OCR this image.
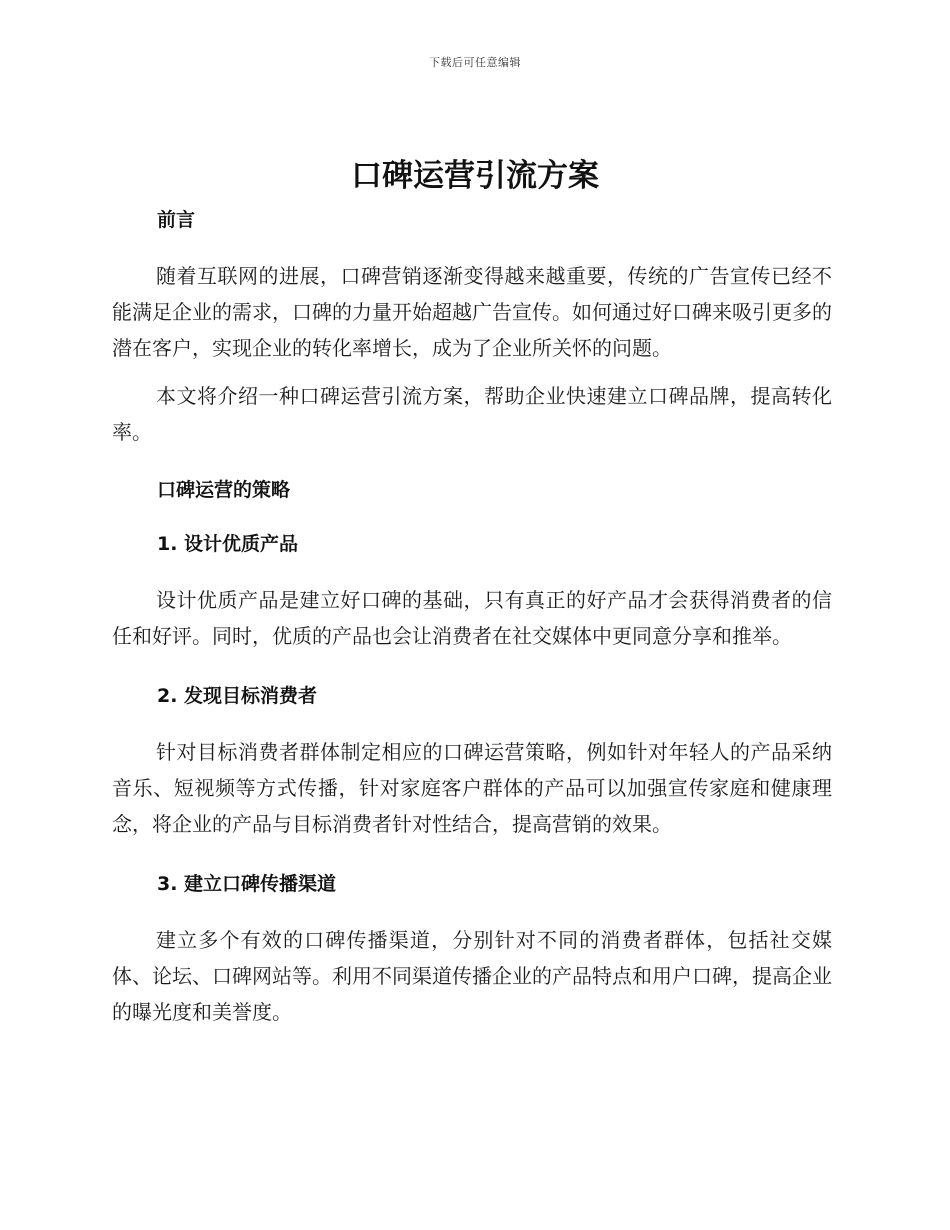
下载后可任意编辑
口碑运营引流方案

前言

随着互联网的进展，口碑营销逐渐变得越来越重要，传统的广告宣传已经不能满足企业的需求，口碑的力量开始超越广告宣传。如何通过好口碑来吸引更多的潜在客户，实现企业的转化率增长，成为了企业所关怀的问题。

本文将介绍一种口碑运营引流方案，帮助企业快速建立口碑品牌，提高转化率。

口碑运营的策略

1. 设计优质产品

设计优质产品是建立好口碑的基础，只有真正的好产品才会获得消费者的信任和好评。同时，优质的产品也会让消费者在社交媒体中更同意分享和推举。

2. 发现目标消费者

针对目标消费者群体制定相应的口碑运营策略，例如针对年轻人的产品采纳音乐、短视频等方式传播，针对家庭客户群体的产品可以加强宣传家庭和健康理念，将企业的产品与目标消费者针对性结合，提高营销的效果。

3. 建立口碑传播渠道

建立多个有效的口碑传播渠道，分别针对不同的消费者群体，包括社交媒体、论坛、口碑网站等。利用不同渠道传播企业的产品特点和用户口碑，提高企业的曝光度和美誉度。
